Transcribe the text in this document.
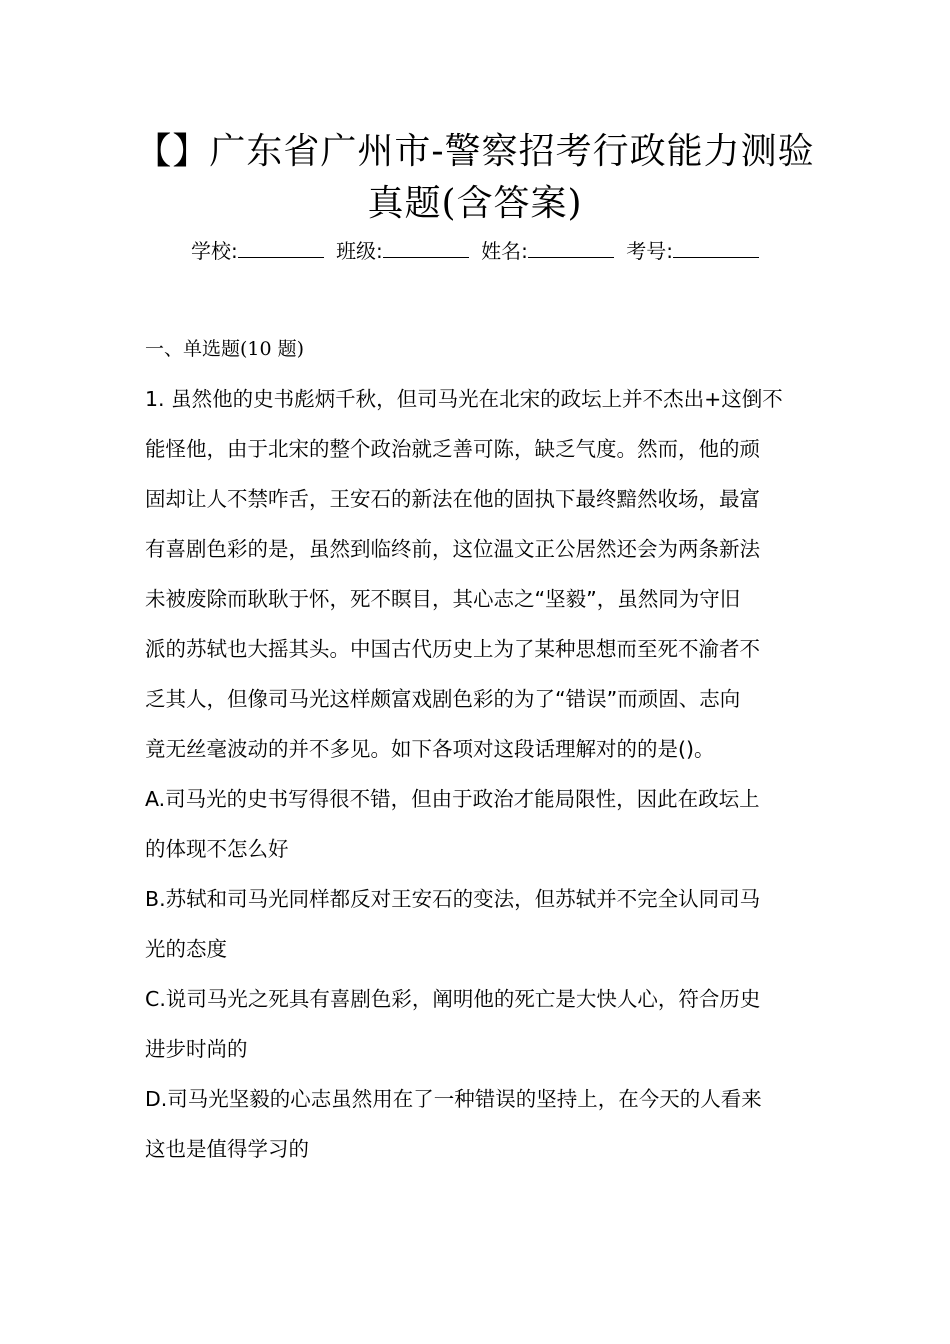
【】广东省广州市-警察招考行政能力测验
真题(含答案)
学校:	班级:	姓名:	考号:
一、单选题(10 题)
1. 虽然他的史书彪炳千秋，但司马光在北宋的政坛上并不杰出+这倒不
能怪他，由于北宋的整个政治就乏善可陈，缺乏气度。然而，他的顽
固却让人不禁咋舌，王安石的新法在他的固执下最终黯然收场，最富
有喜剧色彩的是，虽然到临终前，这位温文正公居然还会为两条新法
未被废除而耿耿于怀，死不瞑目，其心志之“坚毅”，虽然同为守旧
派的苏轼也大摇其头。中国古代历史上为了某种思想而至死不渝者不
乏其人，但像司马光这样颇富戏剧色彩的为了“错误”而顽固、志向
竟无丝毫波动的并不多见。如下各项对这段话理解对的的是()。
A.司马光的史书写得很不错，但由于政治才能局限性，因此在政坛上
的体现不怎么好
B.苏轼和司马光同样都反对王安石的变法，但苏轼并不完全认同司马
光的态度
C.说司马光之死具有喜剧色彩，阐明他的死亡是大快人心，符合历史
进步时尚的
D.司马光坚毅的心志虽然用在了一种错误的坚持上，在今天的人看来
这也是值得学习的
